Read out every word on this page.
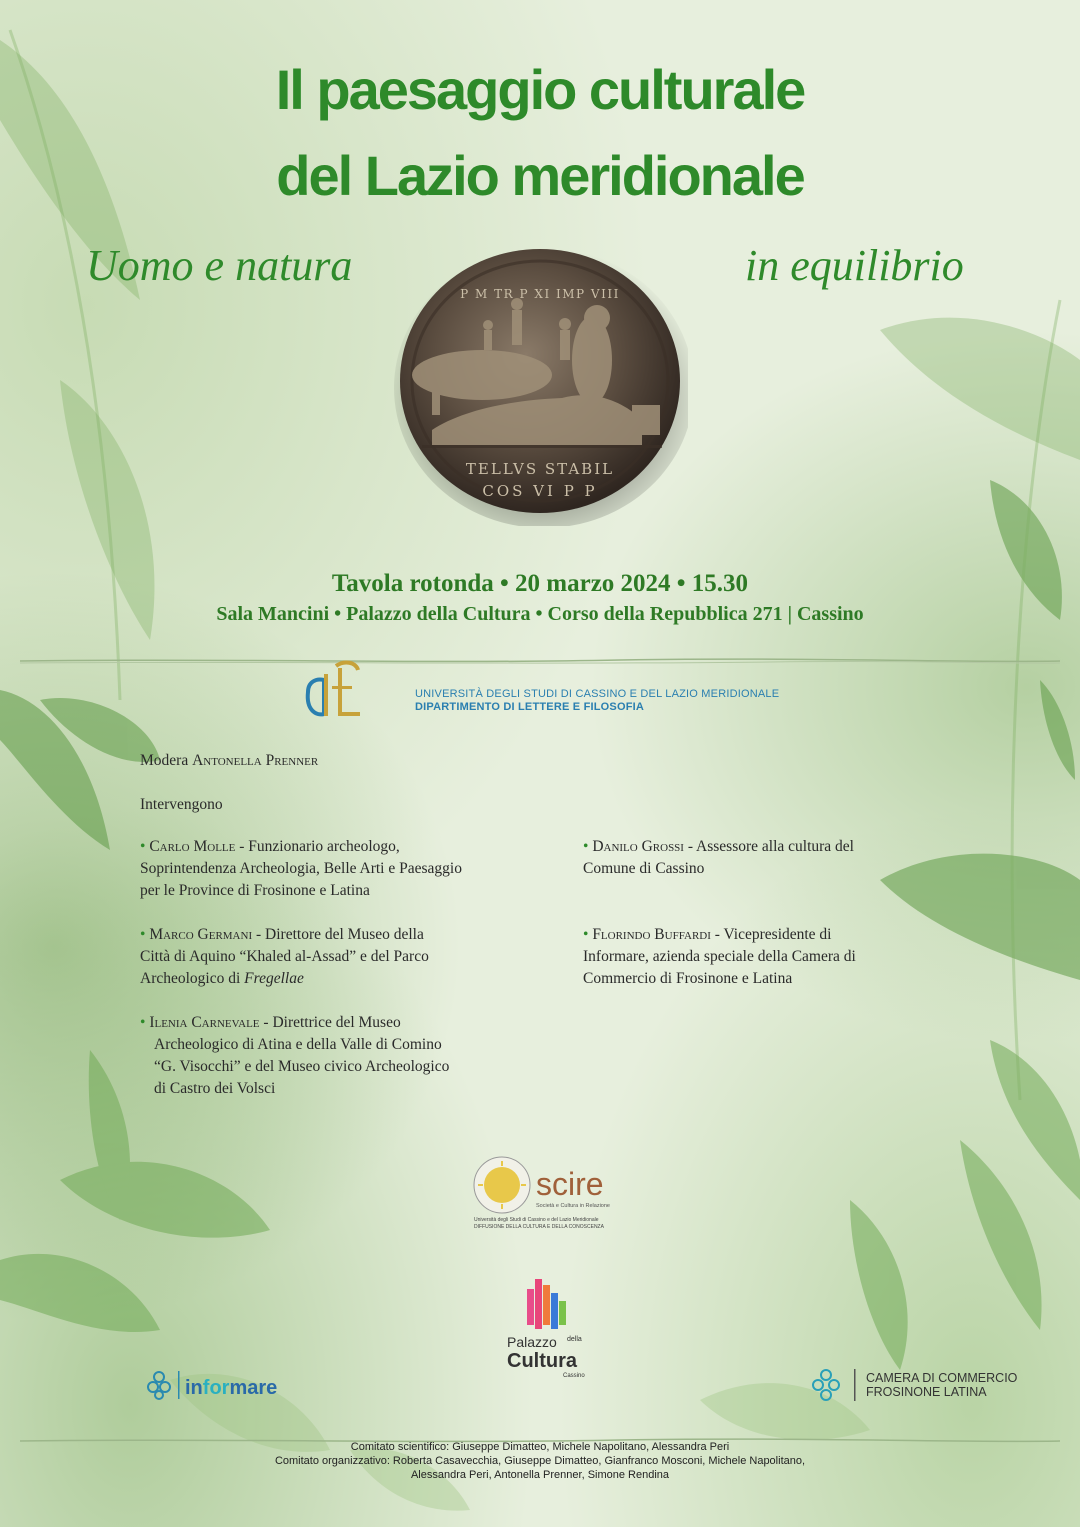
Il paesaggio culturale
del Lazio meridionale
Uomo e natura	in equilibrio
TELLVS STABIL
COS VI P P
P M TR P XI IMP VIII
Tavola rotonda • 20 marzo 2024 • 15.30
Sala Mancini • Palazzo della Cultura • Corso della Repubblica 271 | Cassino
UNIVERSITÀ DEGLI STUDI DI CASSINO E DEL LAZIO MERIDIONALE
DIPARTIMENTO DI LETTERE E FILOSOFIA
Modera Antonella Prenner
Intervengono
• Carlo Molle - Funzionario archeologo,
Soprintendenza Archeologia, Belle Arti e Paesaggio
per le Province di Frosinone e Latina
• Marco Germani - Direttore del Museo della
Città di Aquino “Khaled al-Assad” e del Parco
Archeologico di Fregellae
• Ilenia Carnevale - Direttrice del Museo
Archeologico di Atina e della Valle di Comino
“G. Visocchi” e del Museo civico Archeologico
di Castro dei Volsci
• Danilo Grossi - Assessore alla cultura del
Comune di Cassino
• Florindo Buffardi - Vicepresidente di
Informare, azienda speciale della Camera di
Commercio di Frosinone e Latina
scire
Società e Cultura in Relazione
Università degli Studi di Cassino e del Lazio Meridionale
DIFFUSIONE DELLA CULTURA E DELLA CONOSCENZA
Palazzo della
Cultura
Cassino
informare	CAMERA DI COMMERCIO
FROSINONE LATINA
Comitato scientifico: Giuseppe Dimatteo, Michele Napolitano, Alessandra Peri
Comitato organizzativo: Roberta Casavecchia, Giuseppe Dimatteo, Gianfranco Mosconi, Michele Napolitano,
Alessandra Peri, Antonella Prenner, Simone Rendina
